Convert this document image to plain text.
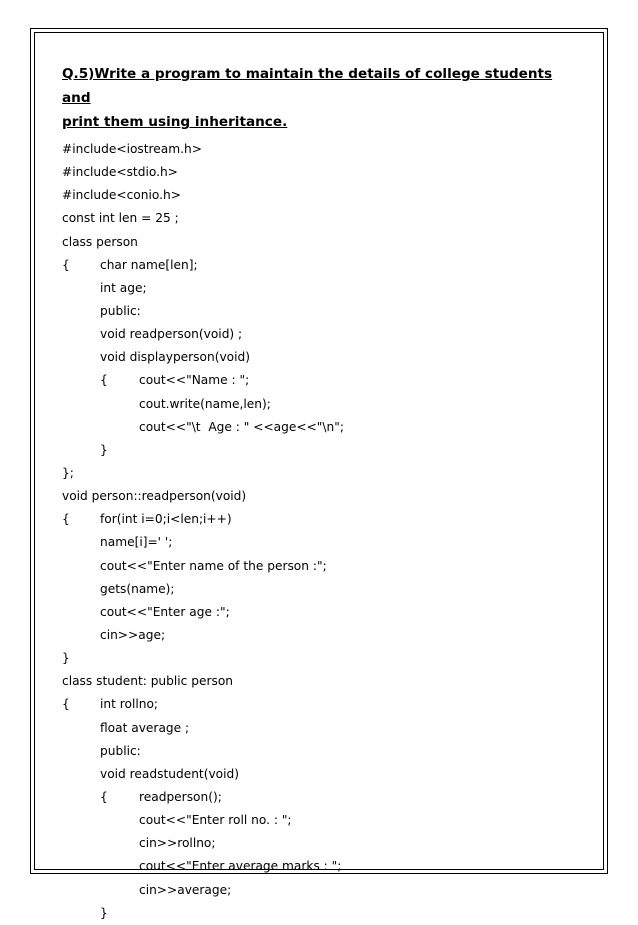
Q.5)Write a program to maintain the details of college students and
print them using inheritance.
#include<iostream.h>
#include<stdio.h>
#include<conio.h>
const int len = 25 ;
class person
{ char name[len];
int age;
public:
void readperson(void) ;
void displayperson(void)
{	cout<<"Name : ";
cout.write(name,len);
cout<<"\t  Age : " <<age<<"\n";
}
};
void person::readperson(void)
{ for(int i=0;i<len;i++)
name[i]=' ';
cout<<"Enter name of the person :";
gets(name);
cout<<"Enter age :";
cin>>age;
}
class student: public person
{ int rollno;
float average ;
public:
void readstudent(void)
{	readperson();
cout<<"Enter roll no. : ";
cin>>rollno;
cout<<"Enter average marks : ";
cin>>average;
}
